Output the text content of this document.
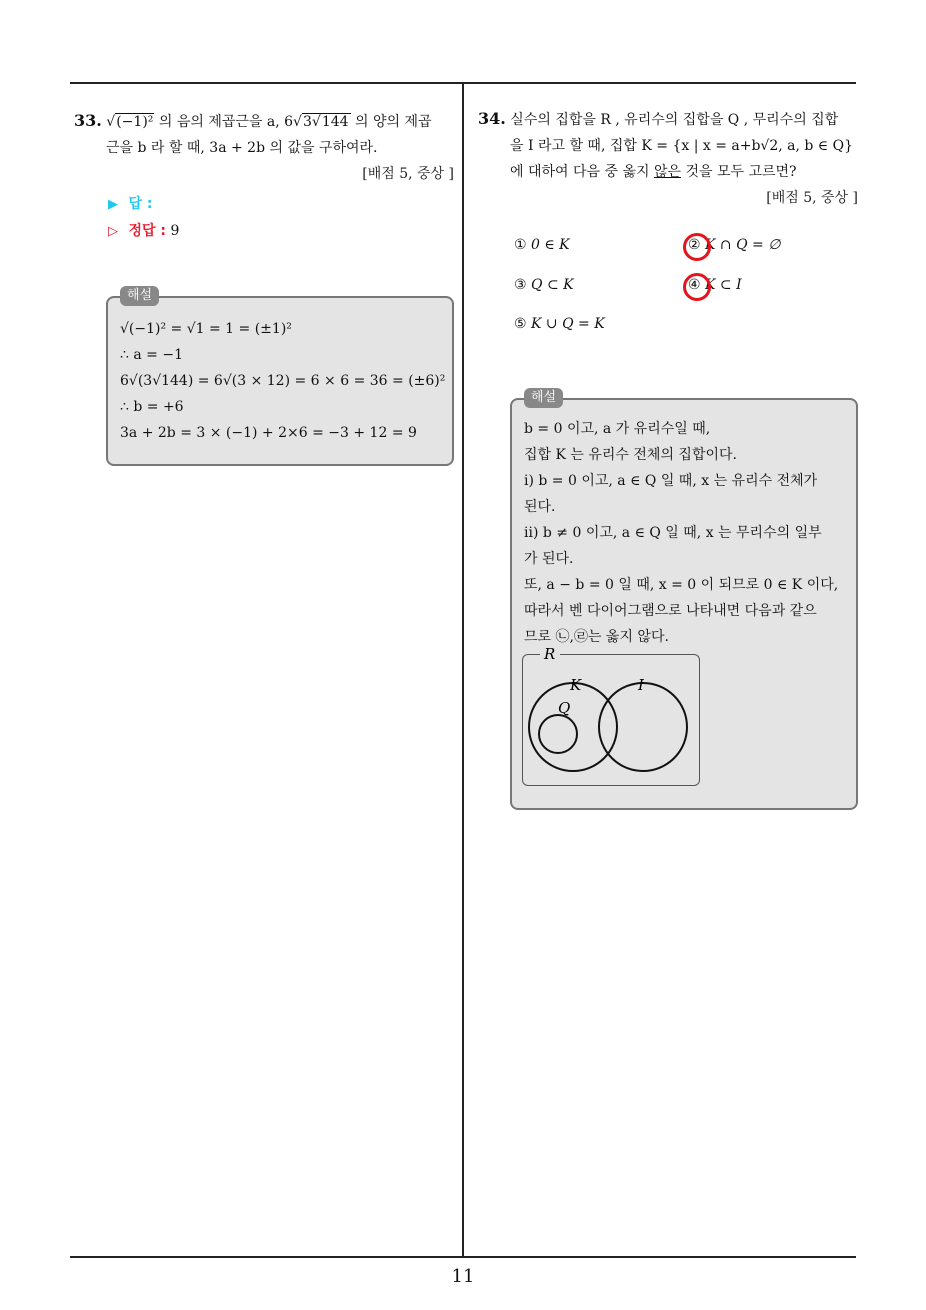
11
33. √(−1)² 의 음의 제곱근을 a, 6√3√144 의 양의 제곱
근을 b 라 할 때, 3a + 2b 의 값을 구하여라.
[배점 5, 중상 ]
▶ 답 :
▷ 정답 : 9
해설
√(−1)² = √1 = 1 = (±1)²
∴ a = −1
6√(3√144) = 6√(3 × 12) = 6 × 6 = 36 = (±6)²
∴ b = +6
3a + 2b = 3 × (−1) + 2×6 = −3 + 12 = 9
34. 실수의 집합을 R , 유리수의 집합을 Q , 무리수의 집합
을 I 라고 할 때, 집합 K = {x | x = a+b√2, a, b ∈ Q}
에 대하여 다음 중 옳지 않은 것을 모두 고르면?
[배점 5, 중상 ]
① 0 ∈ K	② K ∩ Q = ∅
③ Q ⊂ K	④ K ⊂ I
⑤ K ∪ Q = K
해설
b = 0 이고, a 가 유리수일 때,
집합 K 는 유리수 전체의 집합이다.
ⅰ) b = 0 이고, a ∈ Q 일 때, x 는 유리수 전체가
된다.
ⅱ) b ≠ 0 이고, a ∈ Q 일 때, x 는 무리수의 일부
가 된다.
또, a − b = 0 일 때, x = 0 이 되므로 0 ∈ K 이다,
따라서 벤 다이어그램으로 나타내면 다음과 같으
므로 ㉡,㉣는 옳지 않다.
R
K	I
Q
